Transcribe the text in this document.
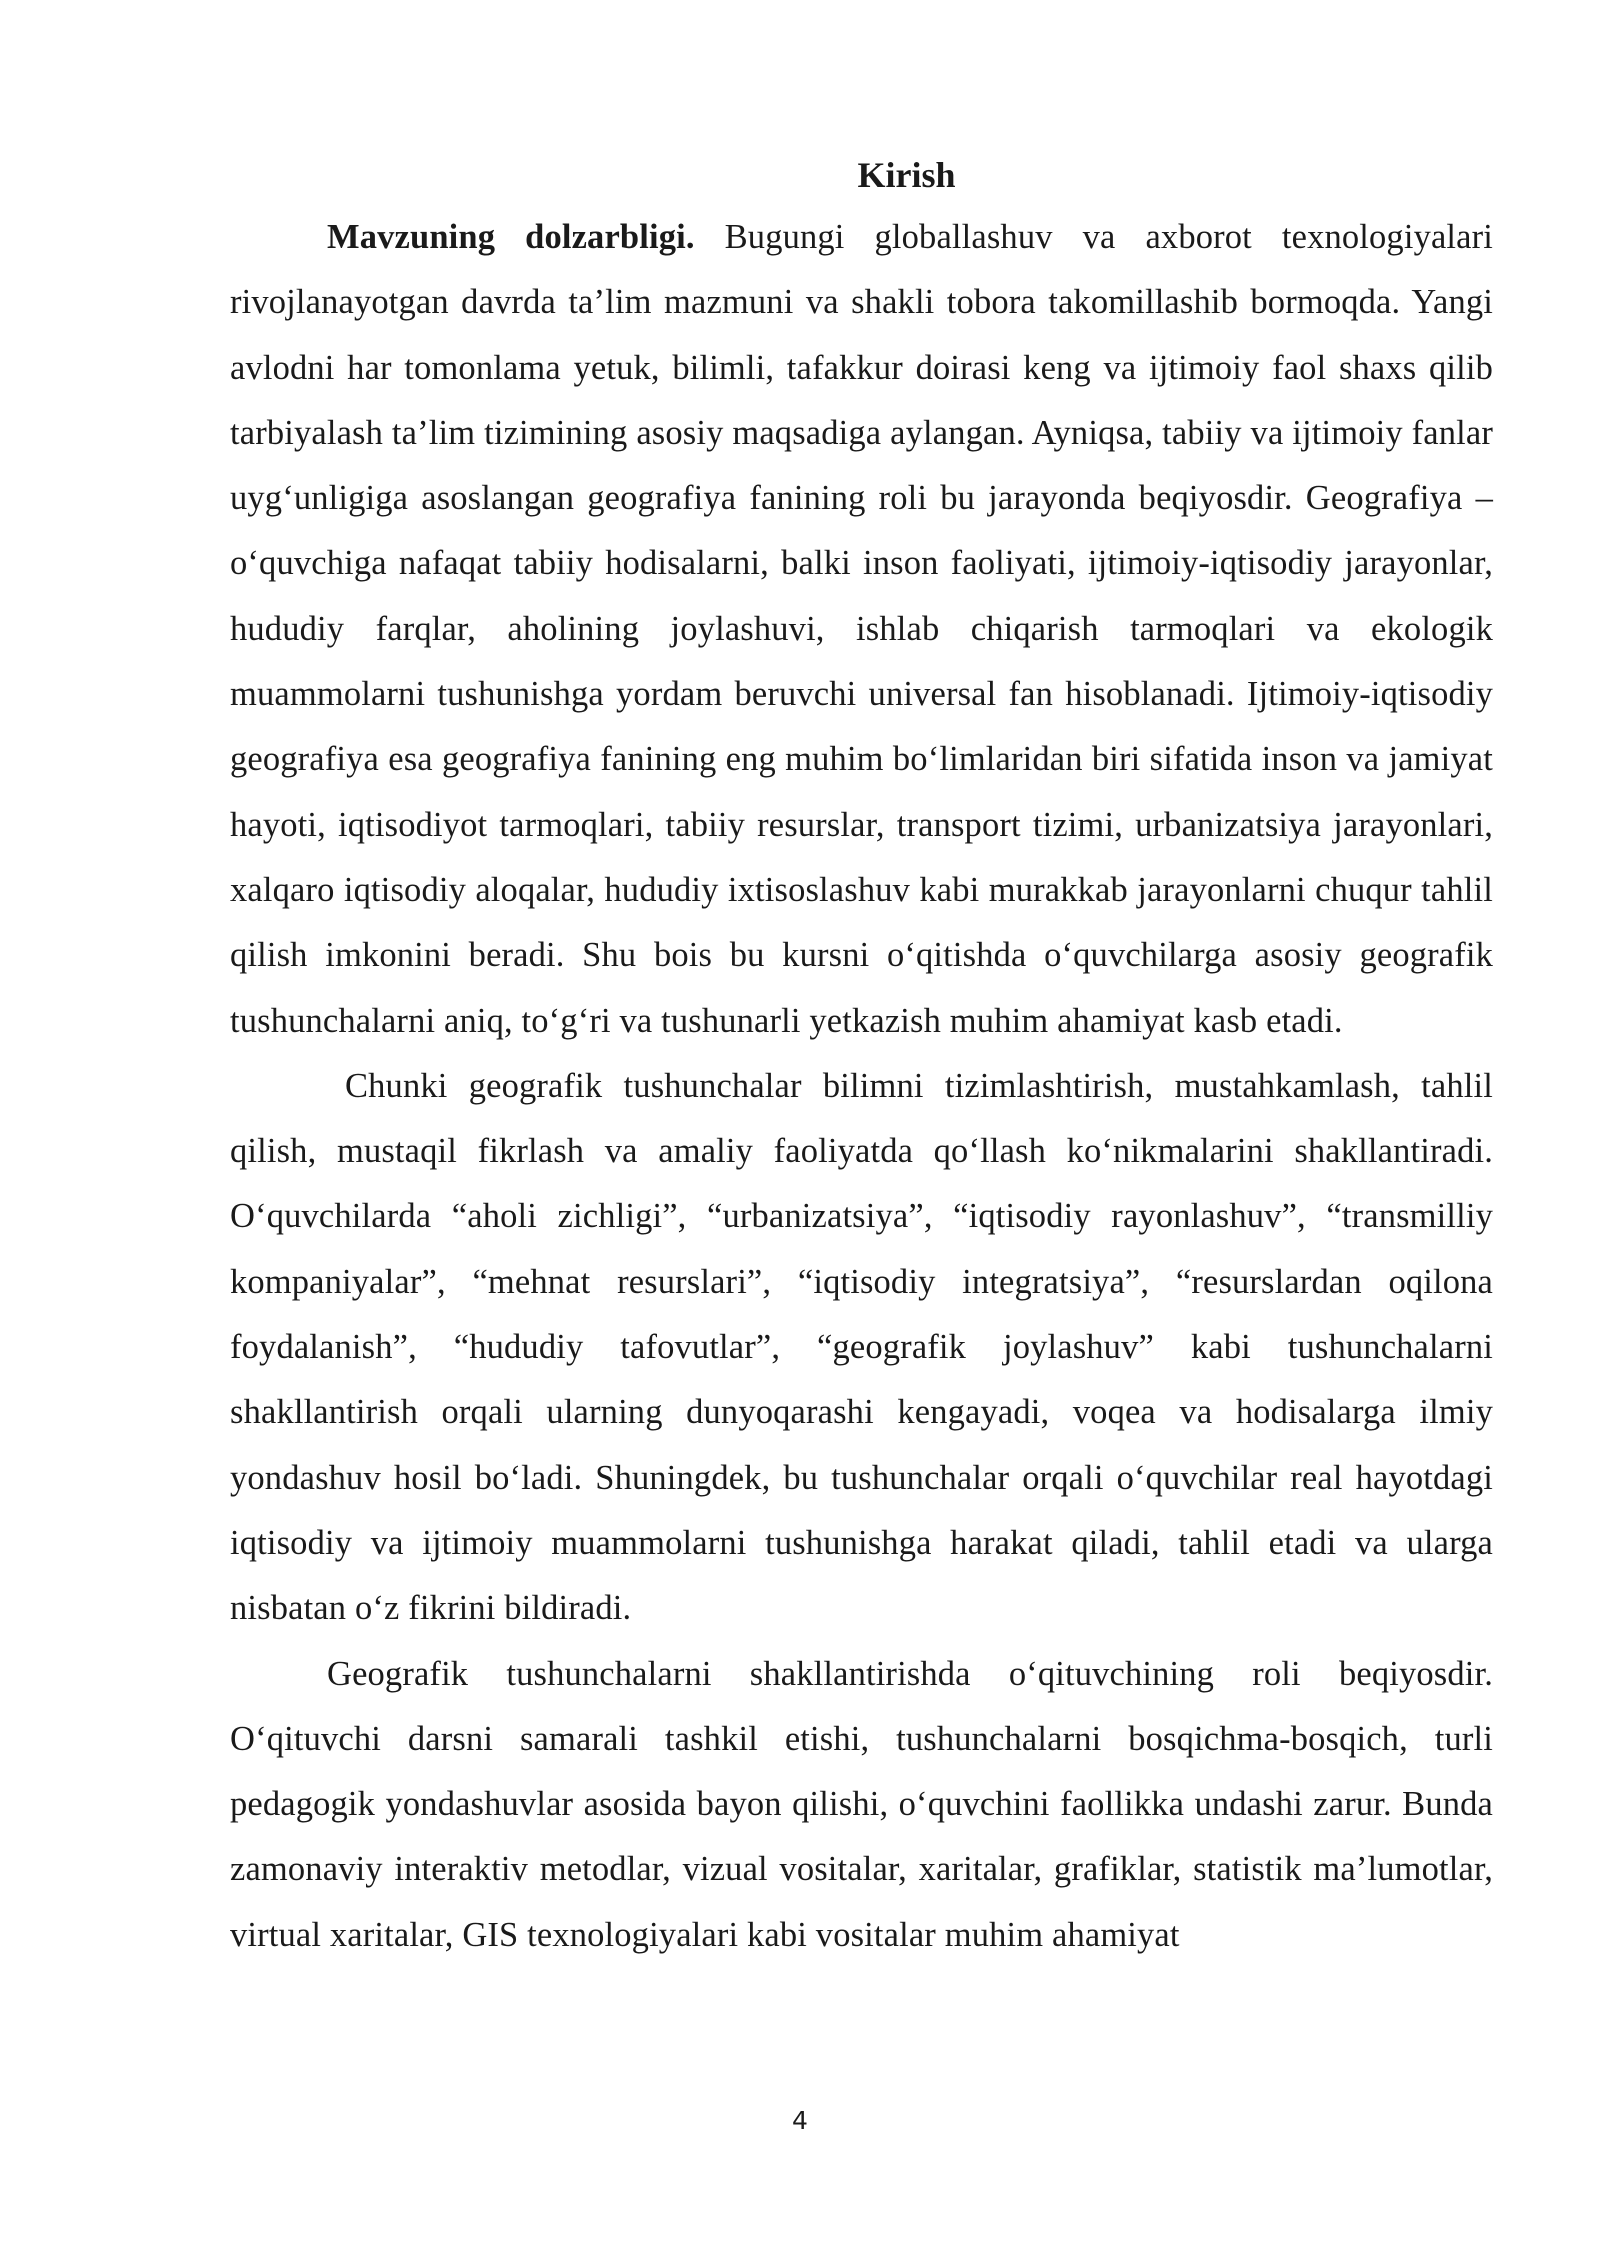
Kirish

Mavzuning dolzarbligi. Bugungi globallashuv va axborot texnologiyalari rivojlanayotgan davrda ta’lim mazmuni va shakli tobora takomillashib bormoqda. Yangi avlodni har tomonlama yetuk, bilimli, tafakkur doirasi keng va ijtimoiy faol shaxs qilib tarbiyalash ta’lim tizimining asosiy maqsadiga aylangan. Ayniqsa, tabiiy va ijtimoiy fanlar uyg‘unligiga asoslangan geografiya fanining roli bu jarayonda beqiyosdir. Geografiya – o‘quvchiga nafaqat tabiiy hodisalarni, balki inson faoliyati, ijtimoiy-iqtisodiy jarayonlar, hududiy farqlar, aholining joylashuvi, ishlab chiqarish tarmoqlari va ekologik muammolarni tushunishga yordam beruvchi universal fan hisoblanadi. Ijtimoiy-iqtisodiy geografiya esa geografiya fanining eng muhim bo‘limlaridan biri sifatida inson va jamiyat hayoti, iqtisodiyot tarmoqlari, tabiiy resurslar, transport tizimi, urbanizatsiya jarayonlari, xalqaro iqtisodiy aloqalar, hududiy ixtisoslashuv kabi murakkab jarayonlarni chuqur tahlil qilish imkonini beradi. Shu bois bu kursni o‘qitishda o‘quvchilarga asosiy geografik tushunchalarni aniq, to‘g‘ri va tushunarli yetkazish muhim ahamiyat kasb etadi.

Chunki geografik tushunchalar bilimni tizimlashtirish, mustahkamlash, tahlil qilish, mustaqil fikrlash va amaliy faoliyatda qo‘llash ko‘nikmalarini shakllantiradi. O‘quvchilarda “aholi zichligi”, “urbanizatsiya”, “iqtisodiy rayonlashuv”, “transmilliy kompaniyalar”, “mehnat resurslari”, “iqtisodiy integratsiya”, “resurslardan oqilona foydalanish”, “hududiy tafovutlar”, “geografik joylashuv” kabi tushunchalarni shakllantirish orqali ularning dunyoqarashi kengayadi, voqea va hodisalarga ilmiy yondashuv hosil bo‘ladi. Shuningdek, bu tushunchalar orqali o‘quvchilar real hayotdagi iqtisodiy va ijtimoiy muammolarni tushunishga harakat qiladi, tahlil etadi va ularga nisbatan o‘z fikrini bildiradi.

Geografik tushunchalarni shakllantirishda o‘qituvchining roli beqiyosdir. O‘qituvchi darsni samarali tashkil etishi, tushunchalarni bosqichma-bosqich, turli pedagogik yondashuvlar asosida bayon qilishi, o‘quvchini faollikka undashi zarur. Bunda zamonaviy interaktiv metodlar, vizual vositalar, xaritalar, grafiklar, statistik ma’lumotlar, virtual xaritalar, GIS texnologiyalari kabi vositalar muhim ahamiyat

4
